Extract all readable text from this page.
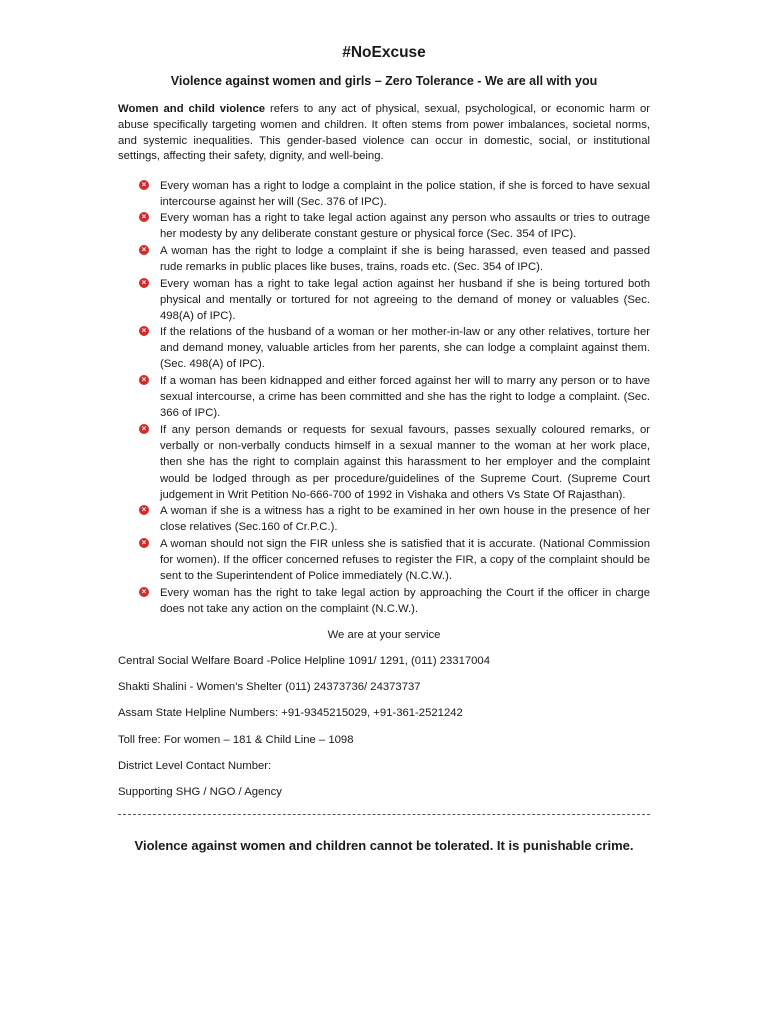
#NoExcuse
Violence against women and girls – Zero Tolerance - We are all with you

Women and child violence refers to any act of physical, sexual, psychological, or economic harm or abuse specifically targeting women and children. It often stems from power imbalances, societal norms, and systemic inequalities. This gender-based violence can occur in domestic, social, or institutional settings, affecting their safety, dignity, and well-being.

× Every woman has a right to lodge a complaint in the police station, if she is forced to have sexual intercourse against her will (Sec. 376 of IPC).
× Every woman has a right to take legal action against any person who assaults or tries to outrage her modesty by any deliberate constant gesture or physical force (Sec. 354 of IPC).
× A woman has the right to lodge a complaint if she is being harassed, even teased and passed rude remarks in public places like buses, trains, roads etc. (Sec. 354 of IPC).
× Every woman has a right to take legal action against her husband if she is being tortured both physical and mentally or tortured for not agreeing to the demand of money or valuables (Sec. 498(A) of IPC).
× If the relations of the husband of a woman or her mother-in-law or any other relatives, torture her and demand money, valuable articles from her parents, she can lodge a complaint against them. (Sec. 498(A) of IPC).
× If a woman has been kidnapped and either forced against her will to marry any person or to have sexual intercourse, a crime has been committed and she has the right to lodge a complaint. (Sec. 366 of IPC).
× If any person demands or requests for sexual favours, passes sexually coloured remarks, or verbally or non-verbally conducts himself in a sexual manner to the woman at her work place, then she has the right to complain against this harassment to her employer and the complaint would be lodged through as per procedure/guidelines of the Supreme Court. (Supreme Court judgement in Writ Petition No-666-700 of 1992 in Vishaka and others Vs State Of Rajasthan).
× A woman if she is a witness has a right to be examined in her own house in the presence of her close relatives (Sec.160 of Cr.P.C.).
× A woman should not sign the FIR unless she is satisfied that it is accurate. (National Commission for women). If the officer concerned refuses to register the FIR, a copy of the complaint should be sent to the Superintendent of Police immediately (N.C.W.).
× Every woman has the right to take legal action by approaching the Court if the officer in charge does not take any action on the complaint (N.C.W.).
We are at your service
Central Social Welfare Board -Police Helpline 1091/ 1291, (011) 23317004
Shakti Shalini - Women's Shelter (011) 24373736/ 24373737
Assam State Helpline Numbers: +91-9345215029, +91-361-2521242
Toll free: For women – 181 & Child Line – 1098
District Level Contact Number:
Supporting SHG / NGO / Agency
Violence against women and children cannot be tolerated. It is punishable crime.
